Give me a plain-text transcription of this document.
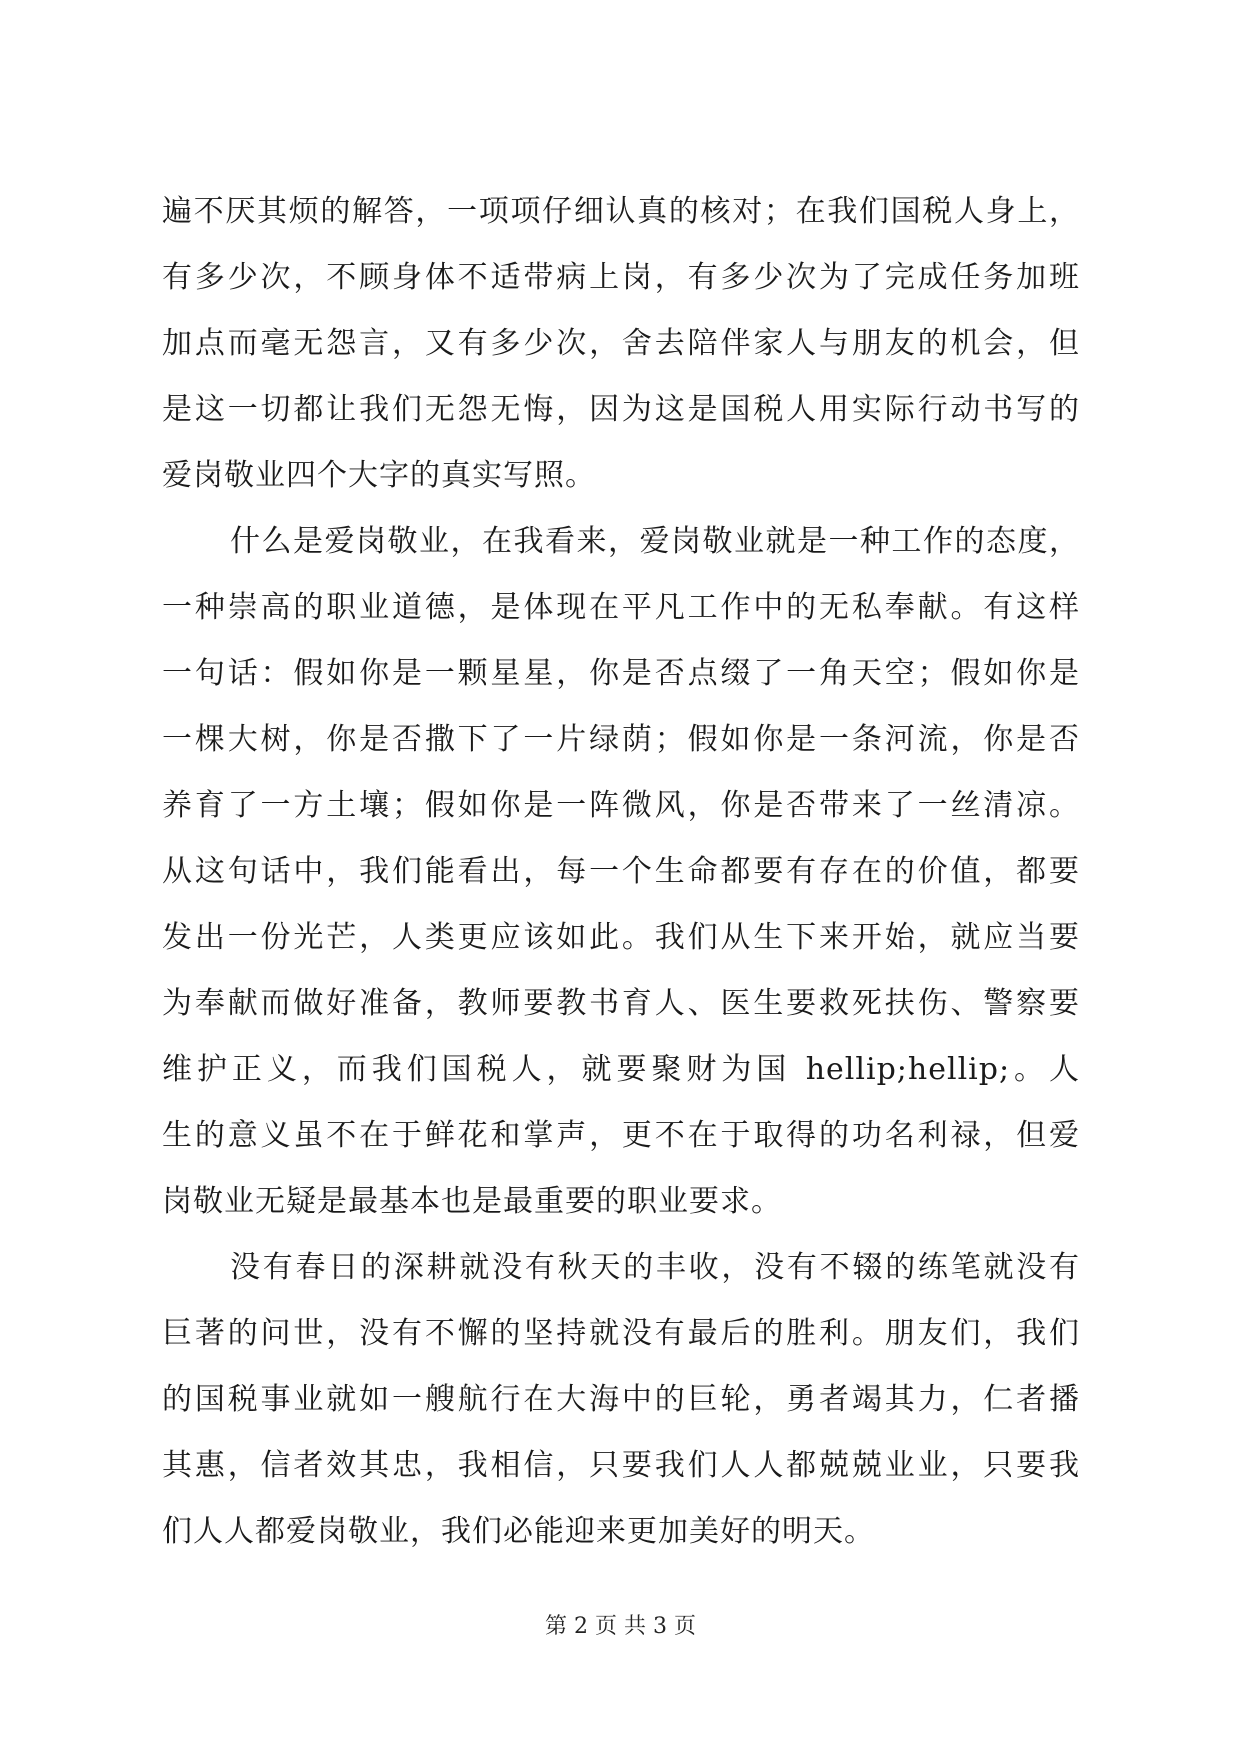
遍不厌其烦的解答，一项项仔细认真的核对；在我们国税人身上，
有多少次，不顾身体不适带病上岗，有多少次为了完成任务加班
加点而毫无怨言，又有多少次，舍去陪伴家人与朋友的机会，但
是这一切都让我们无怨无悔，因为这是国税人用实际行动书写的
爱岗敬业四个大字的真实写照。
什么是爱岗敬业，在我看来，爱岗敬业就是一种工作的态度，
一种崇高的职业道德，是体现在平凡工作中的无私奉献。有这样
一句话：假如你是一颗星星，你是否点缀了一角天空；假如你是
一棵大树，你是否撒下了一片绿荫；假如你是一条河流，你是否
养育了一方土壤；假如你是一阵微风，你是否带来了一丝清凉。
从这句话中，我们能看出，每一个生命都要有存在的价值，都要
发出一份光芒，人类更应该如此。我们从生下来开始，就应当要
为奉献而做好准备，教师要教书育人、医生要救死扶伤、警察要
维护正义，而我们国税人，就要聚财为国 hellip;hellip;。人
生的意义虽不在于鲜花和掌声，更不在于取得的功名利禄，但爱
岗敬业无疑是最基本也是最重要的职业要求。
没有春日的深耕就没有秋天的丰收，没有不辍的练笔就没有
巨著的问世，没有不懈的坚持就没有最后的胜利。朋友们，我们
的国税事业就如一艘航行在大海中的巨轮，勇者竭其力，仁者播
其惠，信者效其忠，我相信，只要我们人人都兢兢业业，只要我
们人人都爱岗敬业，我们必能迎来更加美好的明天。
第 2 页 共 3 页
